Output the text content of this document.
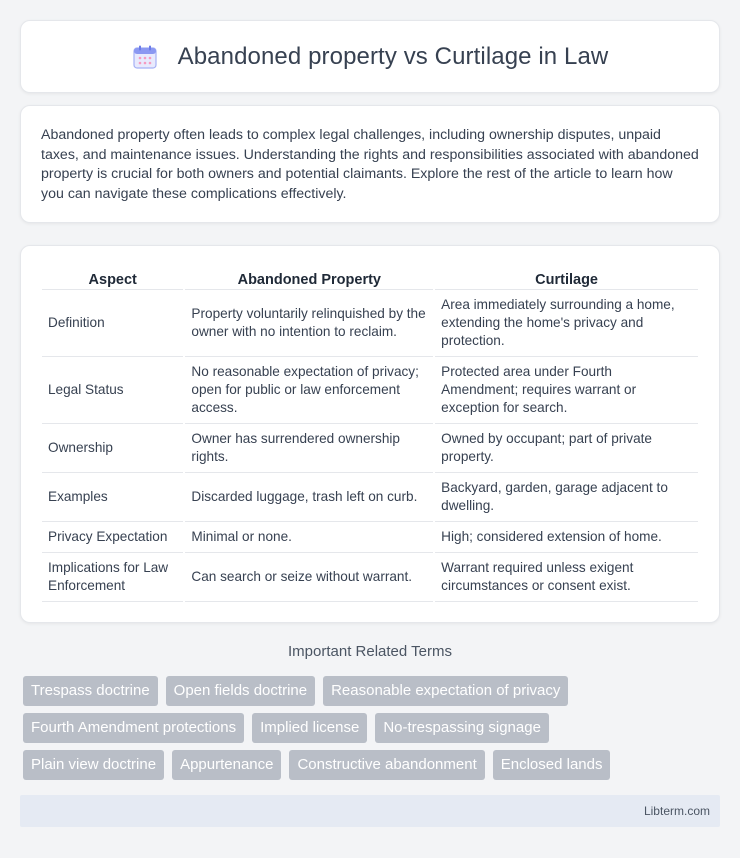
Abandoned property vs Curtilage in Law

Abandoned property often leads to complex legal challenges, including ownership disputes, unpaid taxes, and maintenance issues. Understanding the rights and responsibilities associated with abandoned property is crucial for both owners and potential claimants. Explore the rest of the article to learn how you can navigate these complications effectively.

Aspect	Abandoned Property	Curtilage
Definition	Property voluntarily relinquished by the owner with no intention to reclaim.	Area immediately surrounding a home, extending the home's privacy and protection.
Legal Status	No reasonable expectation of privacy; open for public or law enforcement access.	Protected area under Fourth Amendment; requires warrant or exception for search.
Ownership	Owner has surrendered ownership rights.	Owned by occupant; part of private property.
Examples	Discarded luggage, trash left on curb.	Backyard, garden, garage adjacent to dwelling.
Privacy Expectation	Minimal or none.	High; considered extension of home.
Implications for Law Enforcement	Can search or seize without warrant.	Warrant required unless exigent circumstances or consent exist.
Important Related Terms
Trespass doctrine	Open fields doctrine	Reasonable expectation of privacy
Fourth Amendment protections	Implied license	No-trespassing signage
Plain view doctrine	Appurtenance	Constructive abandonment	Enclosed lands
Libterm.com
